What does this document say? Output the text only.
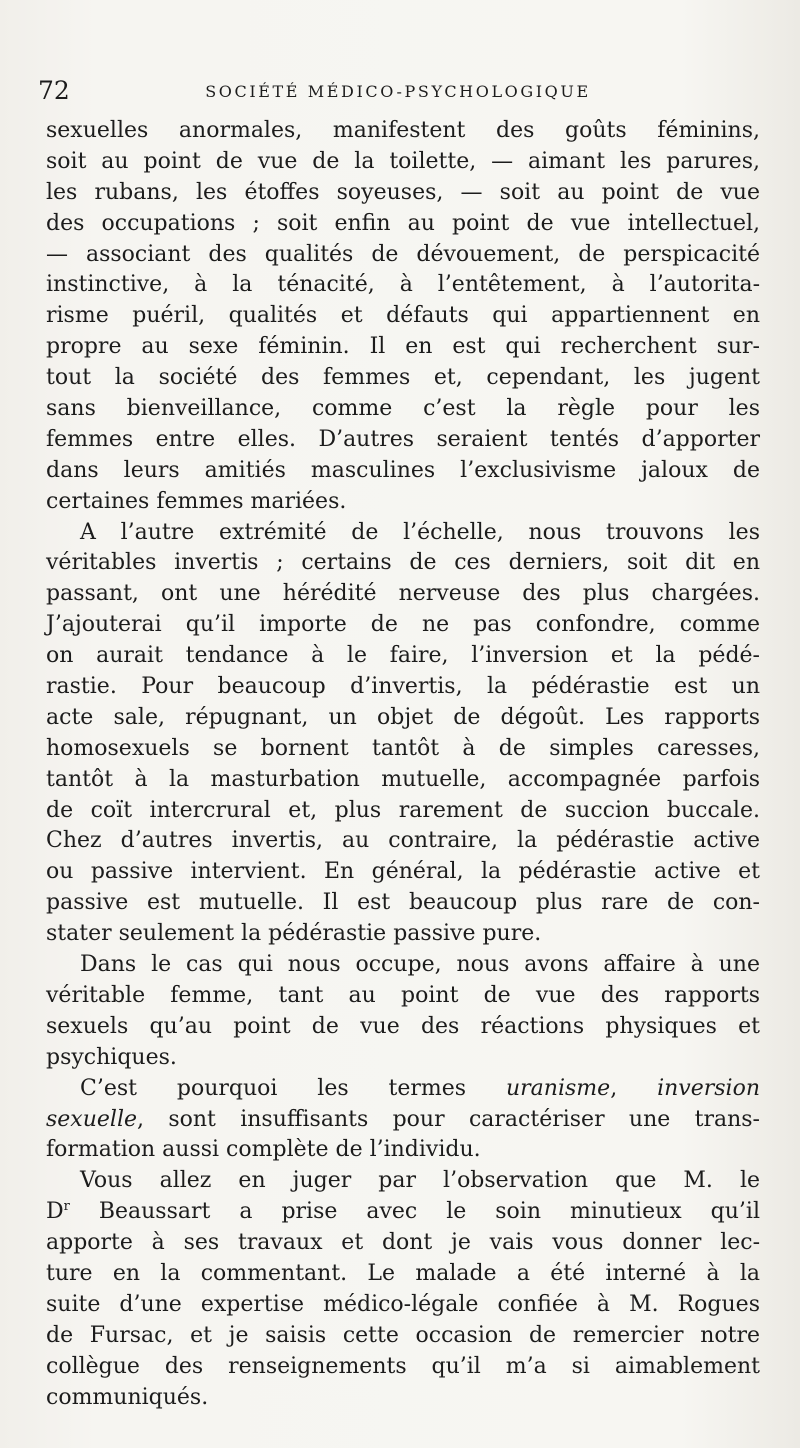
72	SOCIÉTÉ MÉDICO-PSYCHOLOGIQUE
sexuelles anormales, manifestent des goûts féminins,
soit au point de vue de la toilette, — aimant les parures,
les rubans, les étoffes soyeuses, — soit au point de vue
des occupations ; soit enfin au point de vue intellectuel,
— associant des qualités de dévouement, de perspicacité
instinctive, à la ténacité, à l’entêtement, à l’autorita-
risme puéril, qualités et défauts qui appartiennent en
propre au sexe féminin. Il en est qui recherchent sur-
tout la société des femmes et, cependant, les jugent
sans bienveillance, comme c’est la règle pour les
femmes entre elles. D’autres seraient tentés d’apporter
dans leurs amitiés masculines l’exclusivisme jaloux de
certaines femmes mariées.
A l’autre extrémité de l’échelle, nous trouvons les
véritables invertis ; certains de ces derniers, soit dit en
passant, ont une hérédité nerveuse des plus chargées.
J’ajouterai qu’il importe de ne pas confondre, comme
on aurait tendance à le faire, l’inversion et la pédé-
rastie. Pour beaucoup d’invertis, la pédérastie est un
acte sale, répugnant, un objet de dégoût. Les rapports
homosexuels se bornent tantôt à de simples caresses,
tantôt à la masturbation mutuelle, accompagnée parfois
de coït intercrural et, plus rarement de succion buccale.
Chez d’autres invertis, au contraire, la pédérastie active
ou passive intervient. En général, la pédérastie active et
passive est mutuelle. Il est beaucoup plus rare de con-
stater seulement la pédérastie passive pure.
Dans le cas qui nous occupe, nous avons affaire à une
véritable femme, tant au point de vue des rapports
sexuels qu’au point de vue des réactions physiques et
psychiques.
C’est pourquoi les termes uranisme, inversion
sexuelle, sont insuffisants pour caractériser une trans-
formation aussi complète de l’individu.
Vous allez en juger par l’observation que M. le
$D^r$ Beaussart a prise avec le soin minutieux qu’il
apporte à ses travaux et dont je vais vous donner lec-
ture en la commentant. Le malade a été interné à la
suite d’une expertise médico-légale confiée à M. Rogues
de Fursac, et je saisis cette occasion de remercier notre
collègue des renseignements qu’il m’a si aimablement
communiqués.
